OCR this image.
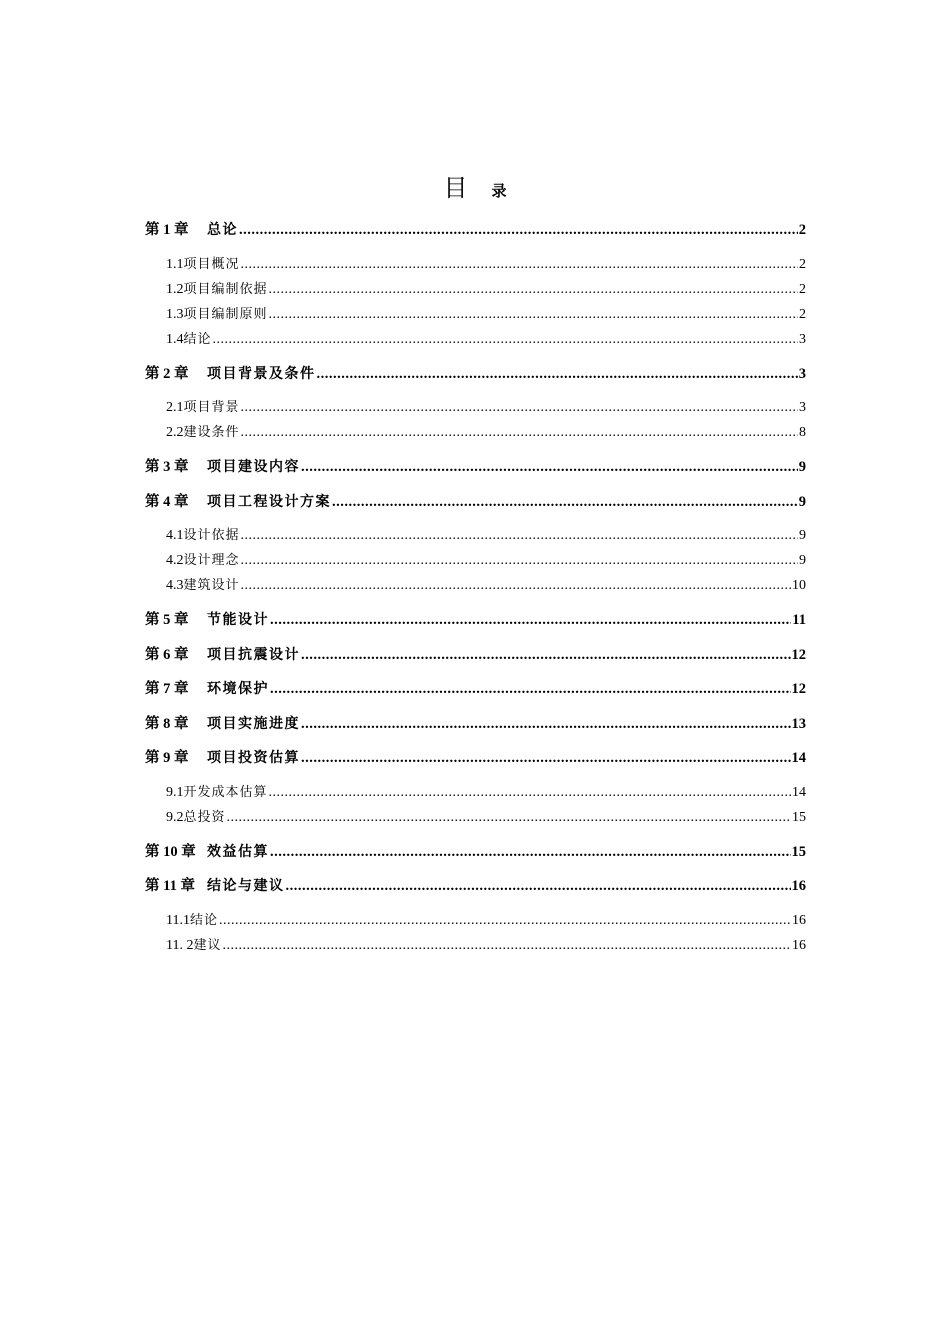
目 录
第 1 章	总论 .....	2
1.1 项目概况 .....	2
1.2 项目编制依据 .....	2
1.3 项目编制原则 .....	2
1.4 结论 .....	3
第 2 章	项目背景及条件 .....	3
2.1 项目背景 .....	3
2.2 建设条件 .....	8
第 3 章	项目建设内容 .....	9
第 4 章	项目工程设计方案 .....	9
4.1 设计依据 .....	9
4.2 设计理念 .....	9
4.3 建筑设计 .....	10
第 5 章	节能设计 .....	11
第 6 章	项目抗震设计 .....	12
第 7 章	环境保护 .....	12
第 8 章	项目实施进度 .....	13
第 9 章	项目投资估算 .....	14
9.1 开发成本估算 .....	14
9.2 总投资 .....	15
第 10 章 效益估算 .....	15
第 11 章 结论与建议 .....	16
11.1 结论 .....	16
11. 2 建议 .....	16
